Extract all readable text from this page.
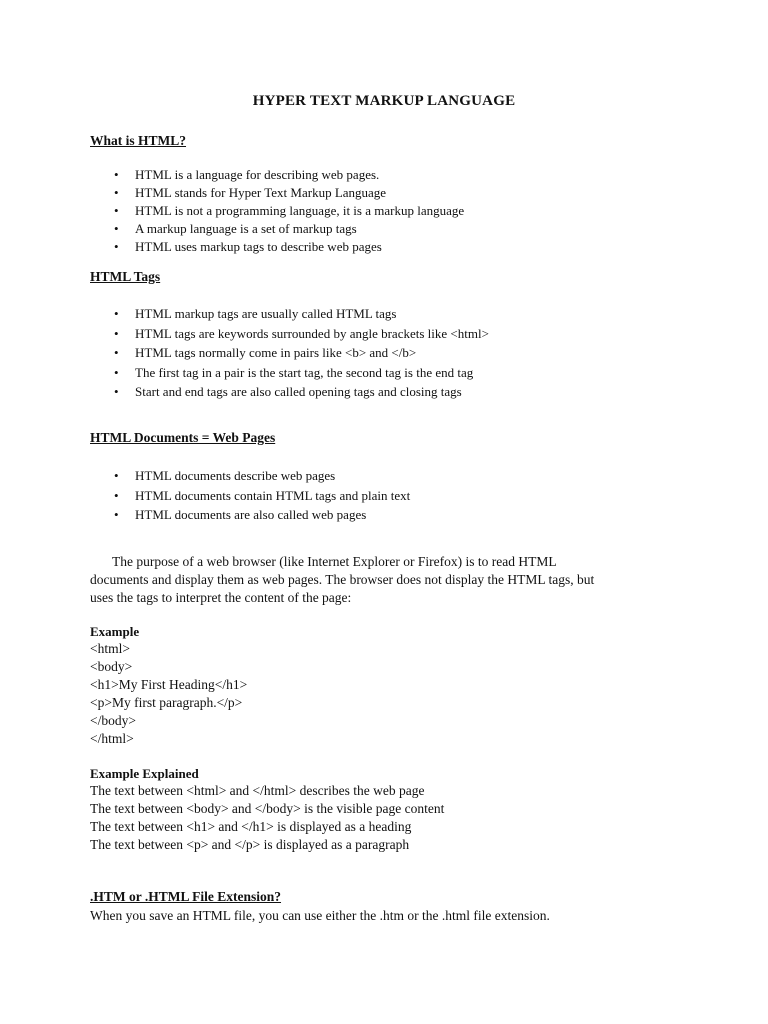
HYPER TEXT MARKUP LANGUAGE
What is HTML?
• HTML is a language for describing web pages.
• HTML stands for Hyper Text Markup Language
• HTML is not a programming language, it is a markup language
• A markup language is a set of markup tags
• HTML uses markup tags to describe web pages
HTML Tags
• HTML markup tags are usually called HTML tags
• HTML tags are keywords surrounded by angle brackets like <html>
• HTML tags normally come in pairs like <b> and </b>
• The first tag in a pair is the start tag, the second tag is the end tag
• Start and end tags are also called opening tags and closing tags
HTML Documents = Web Pages
• HTML documents describe web pages
• HTML documents contain HTML tags and plain text
• HTML documents are also called web pages
The purpose of a web browser (like Internet Explorer or Firefox) is to read HTML
documents and display them as web pages. The browser does not display the HTML tags, but
uses the tags to interpret the content of the page:
Example
<html>
<body>
<h1>My First Heading</h1>
<p>My first paragraph.</p>
</body>
</html>
Example Explained
The text between <html> and </html> describes the web page
The text between <body> and </body> is the visible page content
The text between <h1> and </h1> is displayed as a heading
The text between <p> and </p> is displayed as a paragraph
.HTM or .HTML File Extension?
When you save an HTML file, you can use either the .htm or the .html file extension.
